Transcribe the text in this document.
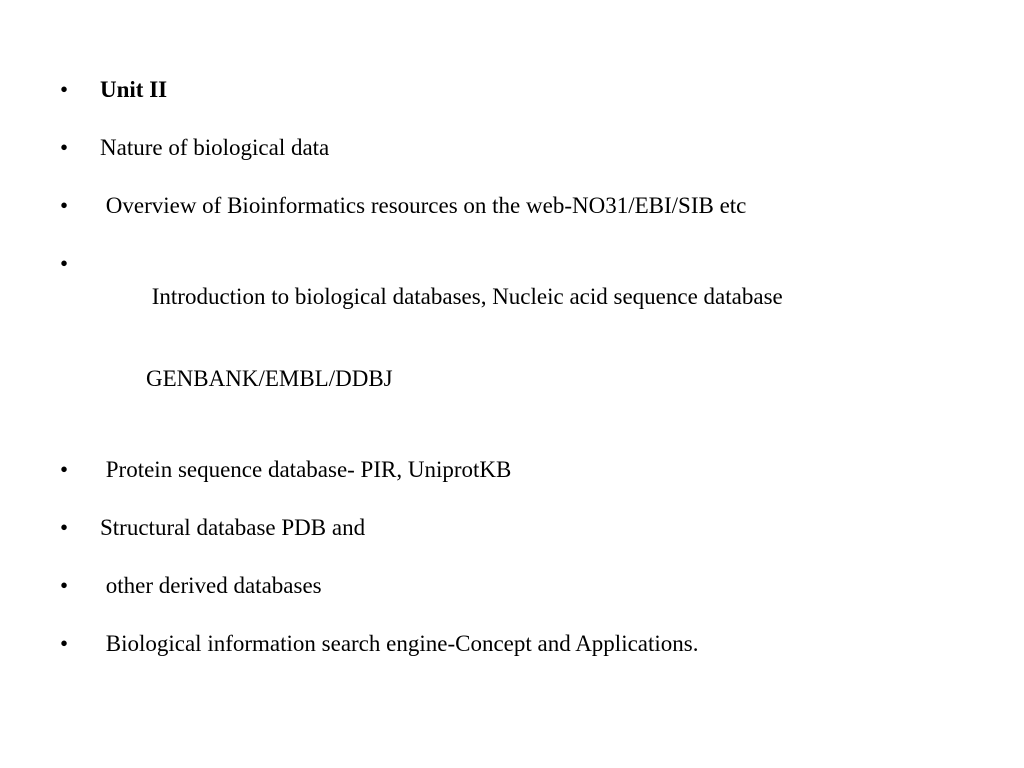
•	Unit II
•	Nature of biological data
•	Overview of Bioinformatics resources on the web-NO31/EBI/SIB etc
•

Introduction to biological databases, Nucleic acid sequence database

GENBANK/EMBL/DDBJ

•	Protein sequence database- PIR, UniprotKB
•	Structural database PDB and
•	other derived databases
•	Biological information search engine-Concept and Applications.
